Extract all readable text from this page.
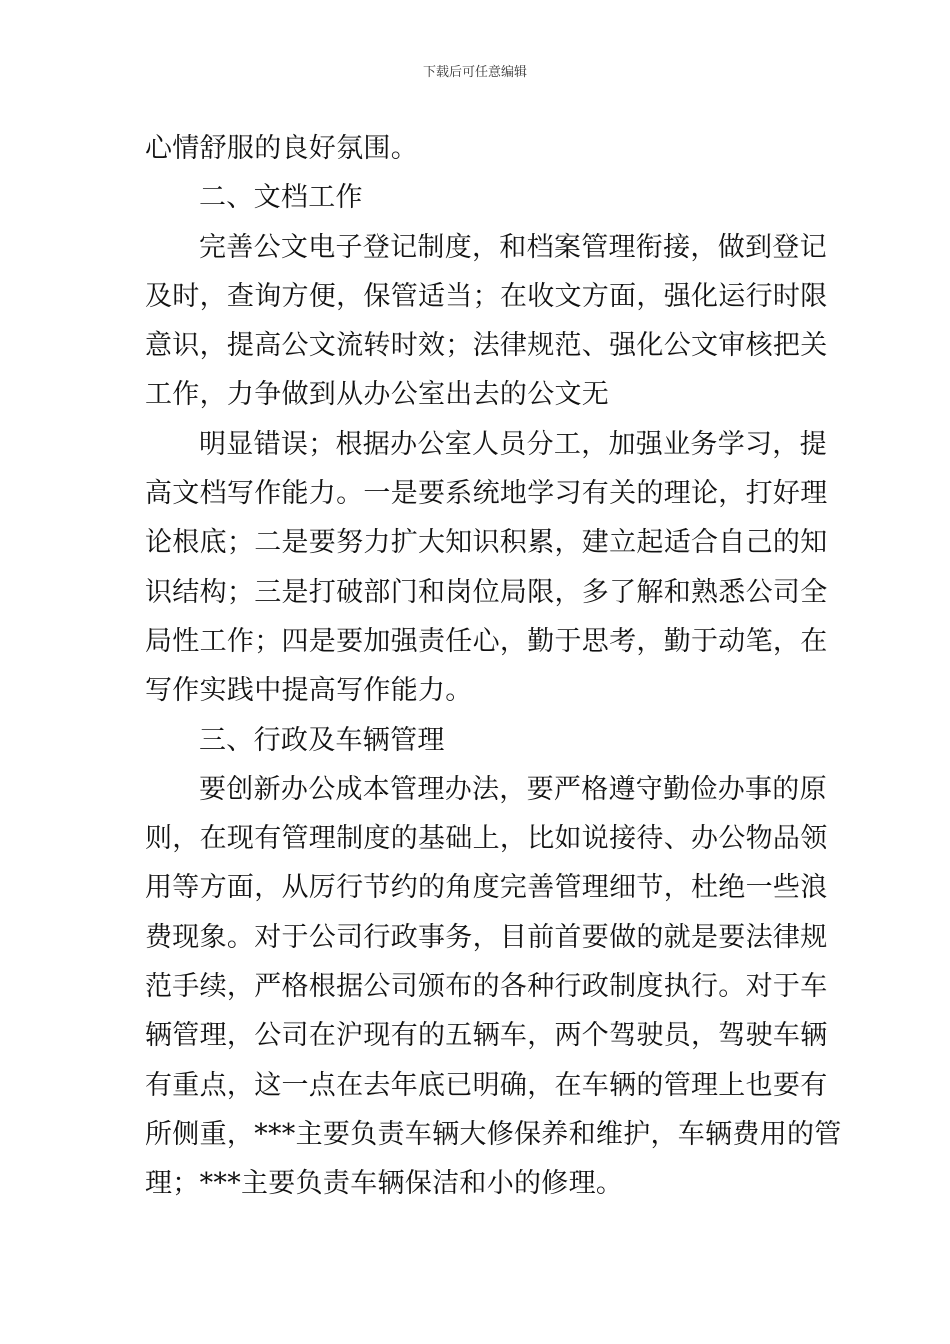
下载后可任意编辑
心情舒服的良好氛围。
二、文档工作
完善公文电子登记制度，和档案管理衔接，做到登记
及时，查询方便，保管适当；在收文方面，强化运行时限
意识，提高公文流转时效；法律规范、强化公文审核把关
工作，力争做到从办公室出去的公文无
明显错误；根据办公室人员分工，加强业务学习，提
高文档写作能力。一是要系统地学习有关的理论，打好理
论根底；二是要努力扩大知识积累，建立起适合自己的知
识结构；三是打破部门和岗位局限，多了解和熟悉公司全
局性工作；四是要加强责任心，勤于思考，勤于动笔，在
写作实践中提高写作能力。
三、行政及车辆管理
要创新办公成本管理办法，要严格遵守勤俭办事的原
则，在现有管理制度的基础上，比如说接待、办公物品领
用等方面，从厉行节约的角度完善管理细节，杜绝一些浪
费现象。对于公司行政事务，目前首要做的就是要法律规
范手续，严格根据公司颁布的各种行政制度执行。对于车
辆管理，公司在沪现有的五辆车，两个驾驶员，驾驶车辆
有重点，这一点在去年底已明确，在车辆的管理上也要有
所侧重，***主要负责车辆大修保养和维护，车辆费用的管
理；***主要负责车辆保洁和小的修理。
